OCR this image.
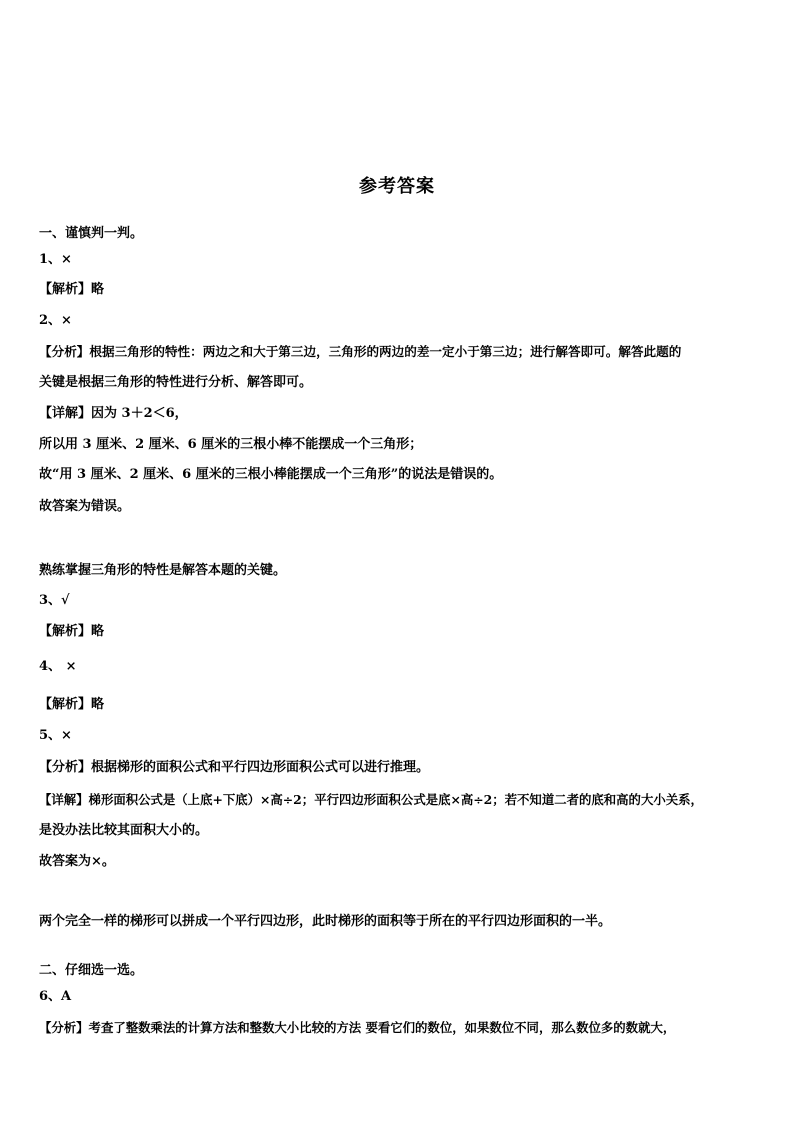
参考答案
一、谨慎判一判。
1、×
【解析】略
2、×
【分析】根据三角形的特性：两边之和大于第三边，三角形的两边的差一定小于第三边；进行解答即可。解答此题的
关键是根据三角形的特性进行分析、解答即可。
【详解】因为 3＋2＜6，
所以用 3 厘米、2 厘米、6 厘米的三根小棒不能摆成一个三角形；
故“用 3 厘米、2 厘米、6 厘米的三根小棒能摆成一个三角形”的说法是错误的。
故答案为错误。
熟练掌握三角形的特性是解答本题的关键。
3、√
【解析】略
4、 ×
【解析】略
5、×
【分析】根据梯形的面积公式和平行四边形面积公式可以进行推理。
【详解】梯形面积公式是（上底+下底）×高÷2；平行四边形面积公式是底×高÷2；若不知道二者的底和高的大小关系，
是没办法比较其面积大小的。
故答案为×。
两个完全一样的梯形可以拼成一个平行四边形，此时梯形的面积等于所在的平行四边形面积的一半。
二、仔细选一选。
6、A
【分析】考查了整数乘法的计算方法和整数大小比较的方法 要看它们的数位，如果数位不同，那么数位多的数就大，
